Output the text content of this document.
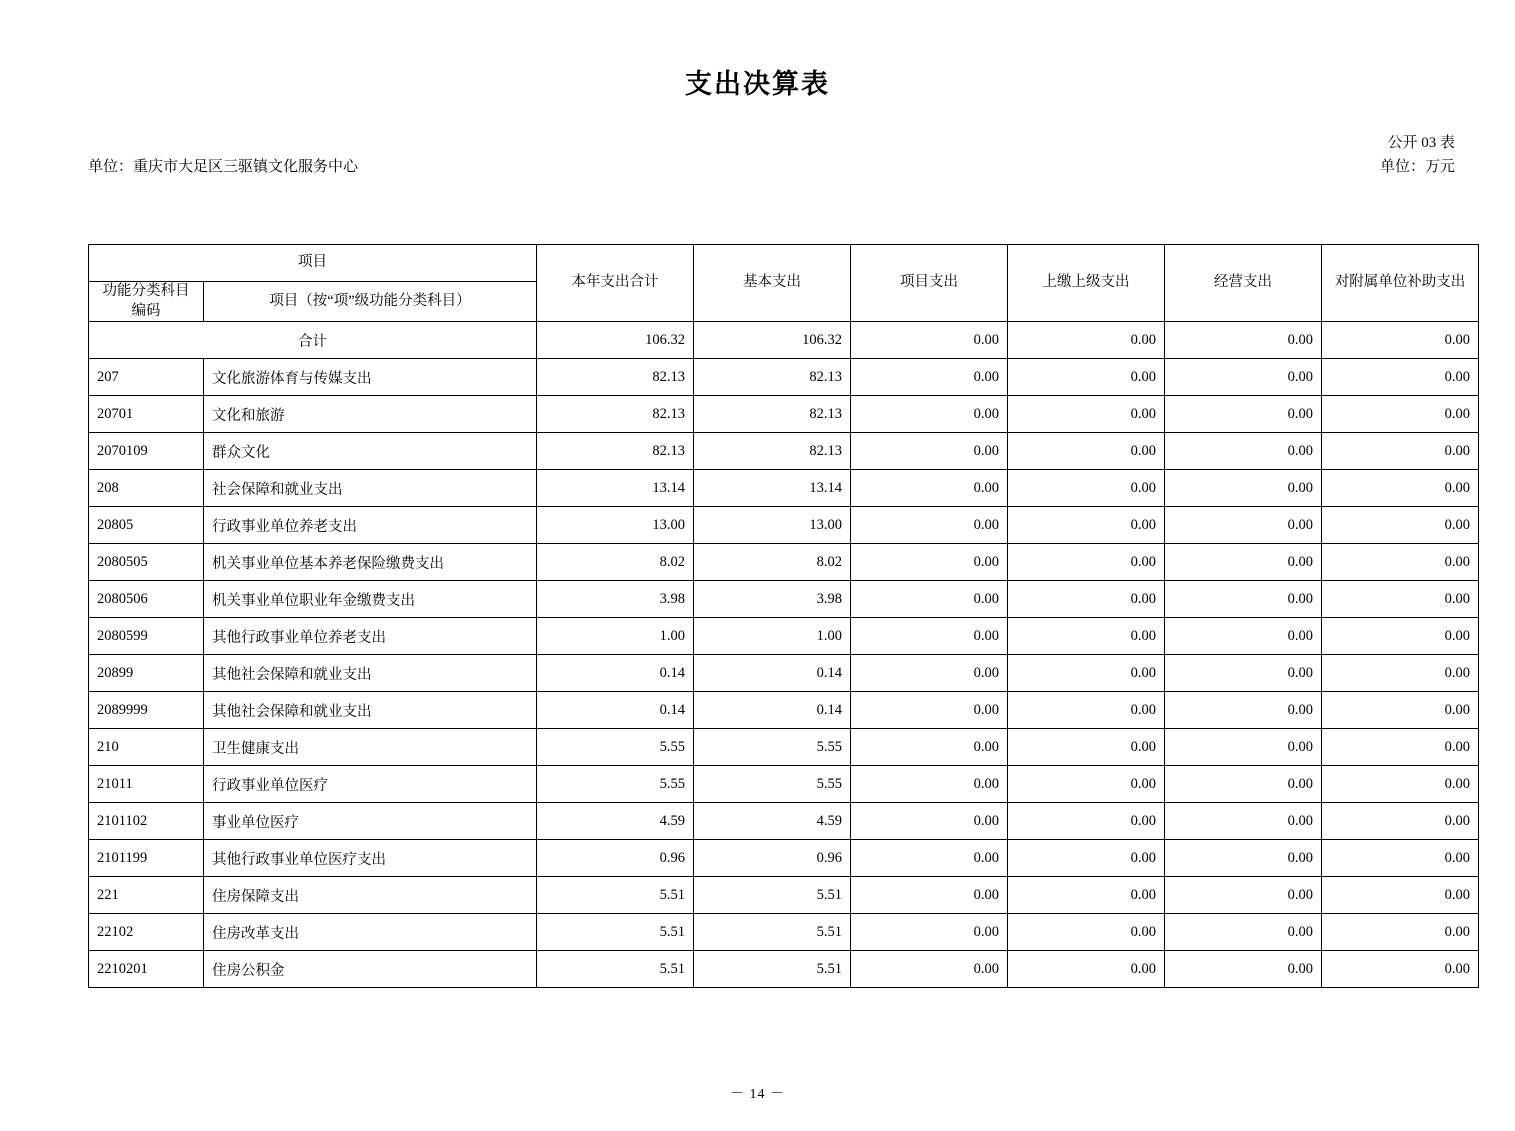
支出决算表
公开 03 表
单位：重庆市大足区三驱镇文化服务中心	单位：万元
项目		本年支出合计	基本支出	项目支出	上缴上级支出	经营支出	对附属单位补助支出
功能分类科目
编码	项目（按“项”级功能分类科目）						
合计		106.32	106.32	0.00	0.00	0.00	0.00
207	文化旅游体育与传媒支出	82.13	82.13	0.00	0.00	0.00	0.00
20701	文化和旅游	82.13	82.13	0.00	0.00	0.00	0.00
2070109	群众文化	82.13	82.13	0.00	0.00	0.00	0.00
208	社会保障和就业支出	13.14	13.14	0.00	0.00	0.00	0.00
20805	行政事业单位养老支出	13.00	13.00	0.00	0.00	0.00	0.00
2080505	机关事业单位基本养老保险缴费支出	8.02	8.02	0.00	0.00	0.00	0.00
2080506	机关事业单位职业年金缴费支出	3.98	3.98	0.00	0.00	0.00	0.00
2080599	其他行政事业单位养老支出	1.00	1.00	0.00	0.00	0.00	0.00
20899	其他社会保障和就业支出	0.14	0.14	0.00	0.00	0.00	0.00
2089999	其他社会保障和就业支出	0.14	0.14	0.00	0.00	0.00	0.00
210	卫生健康支出	5.55	5.55	0.00	0.00	0.00	0.00
21011	行政事业单位医疗	5.55	5.55	0.00	0.00	0.00	0.00
2101102	事业单位医疗	4.59	4.59	0.00	0.00	0.00	0.00
2101199	其他行政事业单位医疗支出	0.96	0.96	0.00	0.00	0.00	0.00
221	住房保障支出	5.51	5.51	0.00	0.00	0.00	0.00
22102	住房改革支出	5.51	5.51	0.00	0.00	0.00	0.00
2210201	住房公积金	5.51	5.51	0.00	0.00	0.00	0.00
－ 14 －
